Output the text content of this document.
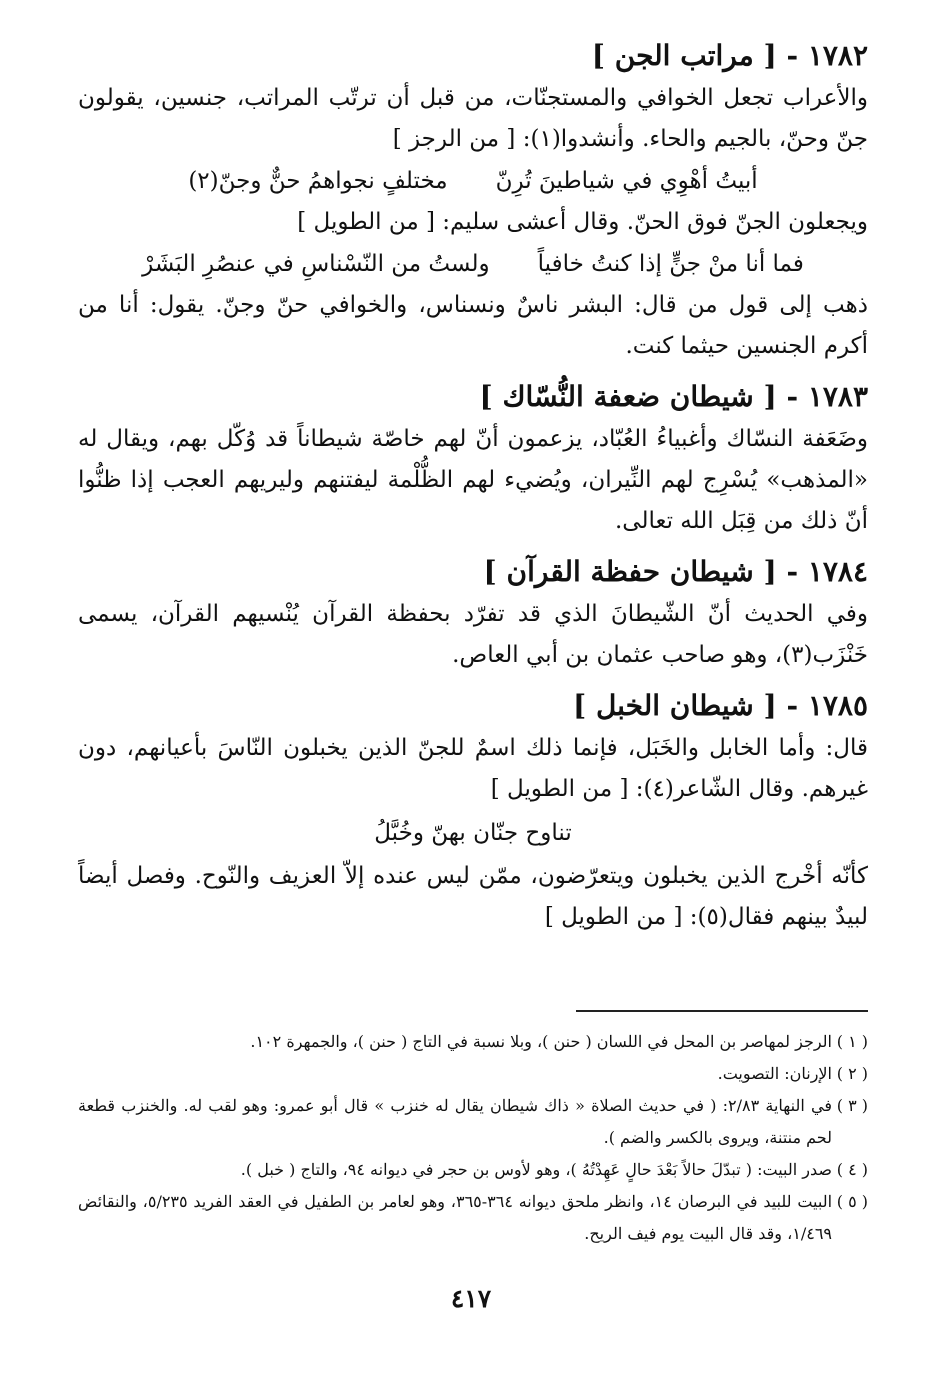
١٧٨٢ - [ مراتب الجن ]

والأعراب تجعل الخوافي والمستجنّات، من قبل أن ترتّب المراتب، جنسين، يقولون جنّ وحنّ، بالجيم والحاء. وأنشدوا(١): [ من الرجز ]

أبيتُ أهْوِي في شياطينَ تُرِنّ
مختلفٍ نجواهمُ حنٌّ وجنّ(٢)

ويجعلون الجنّ فوق الحنّ. وقال أعشى سليم: [ من الطويل ]

فما أنا منْ جنٍّ إذا كنتُ خافياً
ولستُ من النّسْناسِ في عنصُرِ البَشَرْ

ذهب إلى قول من قال: البشر ناسٌ ونسناس، والخوافي حنّ وجنّ. يقول: أنا من أكرم الجنسين حيثما كنت.

١٧٨٣ - [ شيطان ضعفة النُّسّاك ]

وضَعَفة النسّاك وأغبياءُ العُبّاد، يزعمون أنّ لهم خاصّة شيطاناً قد وُكّل بهم، ويقال له «المذهب» يُسْرِج لهم النِّيران، ويُضيء لهم الظُّلْمة ليفتنهم وليريهم العجب إذا ظنُّوا أنّ ذلك من قِبَل الله تعالى.

١٧٨٤ - [ شيطان حفظة القرآن ]

وفي الحديث أنّ الشّيطانَ الذي قد تفرّد بحفظة القرآن يُنْسيهم القرآن، يسمى خَنْزَب(٣)، وهو صاحب عثمان بن أبي العاص.

١٧٨٥ - [ شيطان الخبل ]

قال: وأما الخابل والخَبَل، فإنما ذلك اسمٌ للجنّ الذين يخبلون النّاسَ بأعيانهم، دون غيرهم. وقال الشّاعر(٤): [ من الطويل ]

تناوح جنّان بهنّ وخُبَّلُ

كأنّه أخْرج الذين يخبلون ويتعرّضون، ممّن ليس عنده إلاّ العزيف والنّوح. وفصل أيضاً لبيدٌ بينهم فقال(٥): [ من الطويل ]

( ١ )
الرجز لمهاصر بن المحل في اللسان ( حنن )، وبلا نسبة في التاج ( حنن )، والجمهرة ١٠٢.
( ٢ )
الإرنان: التصويت.
( ٣ )
في النهاية ٢/٨٣: ( في حديث الصلاة « ذاك شيطان يقال له خنزب » قال أبو عمرو: وهو لقب له. والخنزب قطعة لحم منتنة، ويروى بالكسر والضم ).
( ٤ )
صدر البيت: ( تبدّلَ حالاً بَعْدَ حالٍ عَهِدْتُهُ )، وهو لأوس بن حجر في ديوانه ٩٤، والتاج ( خبل ).
( ٥ )
البيت للبيد في البرصان ١٤، وانظر ملحق ديوانه ٣٦٤-٣٦٥، وهو لعامر بن الطفيل في العقد الفريد ٥/٢٣٥، والنقائض ١/٤٦٩، وقد قال البيت يوم فيف الريح.
٤١٧
